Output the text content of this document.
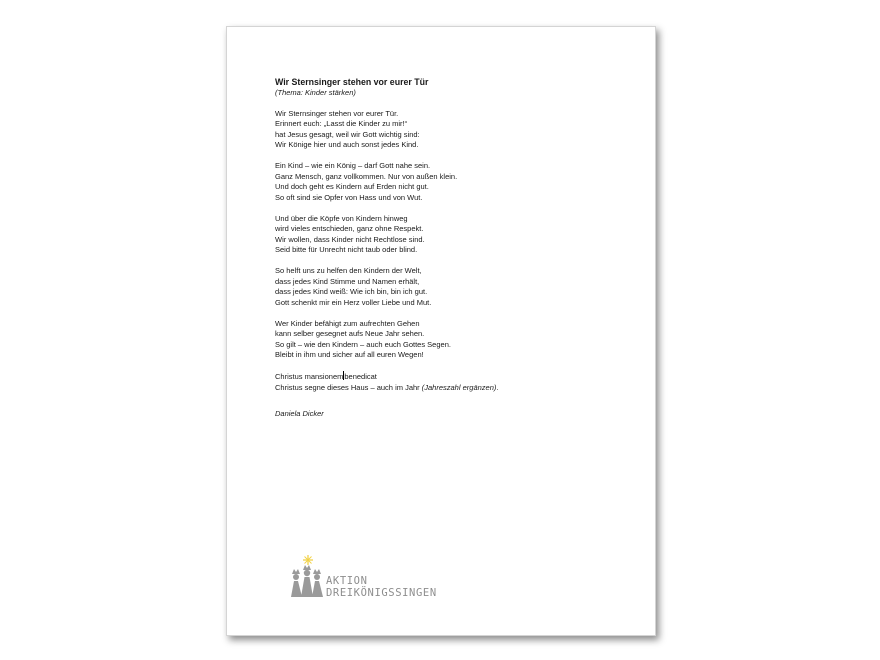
Wir Sternsinger stehen vor eurer Tür

(Thema: Kinder stärken)

Wir Sternsinger stehen vor eurer Tür.
Erinnert euch: „Lasst die Kinder zu mir!“
hat Jesus gesagt, weil wir Gott wichtig sind:
Wir Könige hier und auch sonst jedes Kind.
Ein Kind – wie ein König – darf Gott nahe sein.
Ganz Mensch, ganz vollkommen. Nur von außen klein.
Und doch geht es Kindern auf Erden nicht gut.
So oft sind sie Opfer von Hass und von Wut.
Und über die Köpfe von Kindern hinweg
wird vieles entschieden, ganz ohne Respekt.
Wir wollen, dass Kinder nicht Rechtlose sind.
Seid bitte für Unrecht nicht taub oder blind.
So helft uns zu helfen den Kindern der Welt,
dass jedes Kind Stimme und Namen erhält,
dass jedes Kind weiß: Wie ich bin, bin ich gut.
Gott schenkt mir ein Herz voller Liebe und Mut.
Wer Kinder befähigt zum aufrechten Gehen
kann selber gesegnet aufs Neue Jahr sehen.
So gilt – wie den Kindern – auch euch Gottes Segen.
Bleibt in ihm und sicher auf all euren Wegen!
Christus mansionembenedicat
Christus segne dieses Haus – auch im Jahr (Jahreszahl ergänzen).

Daniela Dicker

AKTION
DREIKÖNIGSSINGEN
